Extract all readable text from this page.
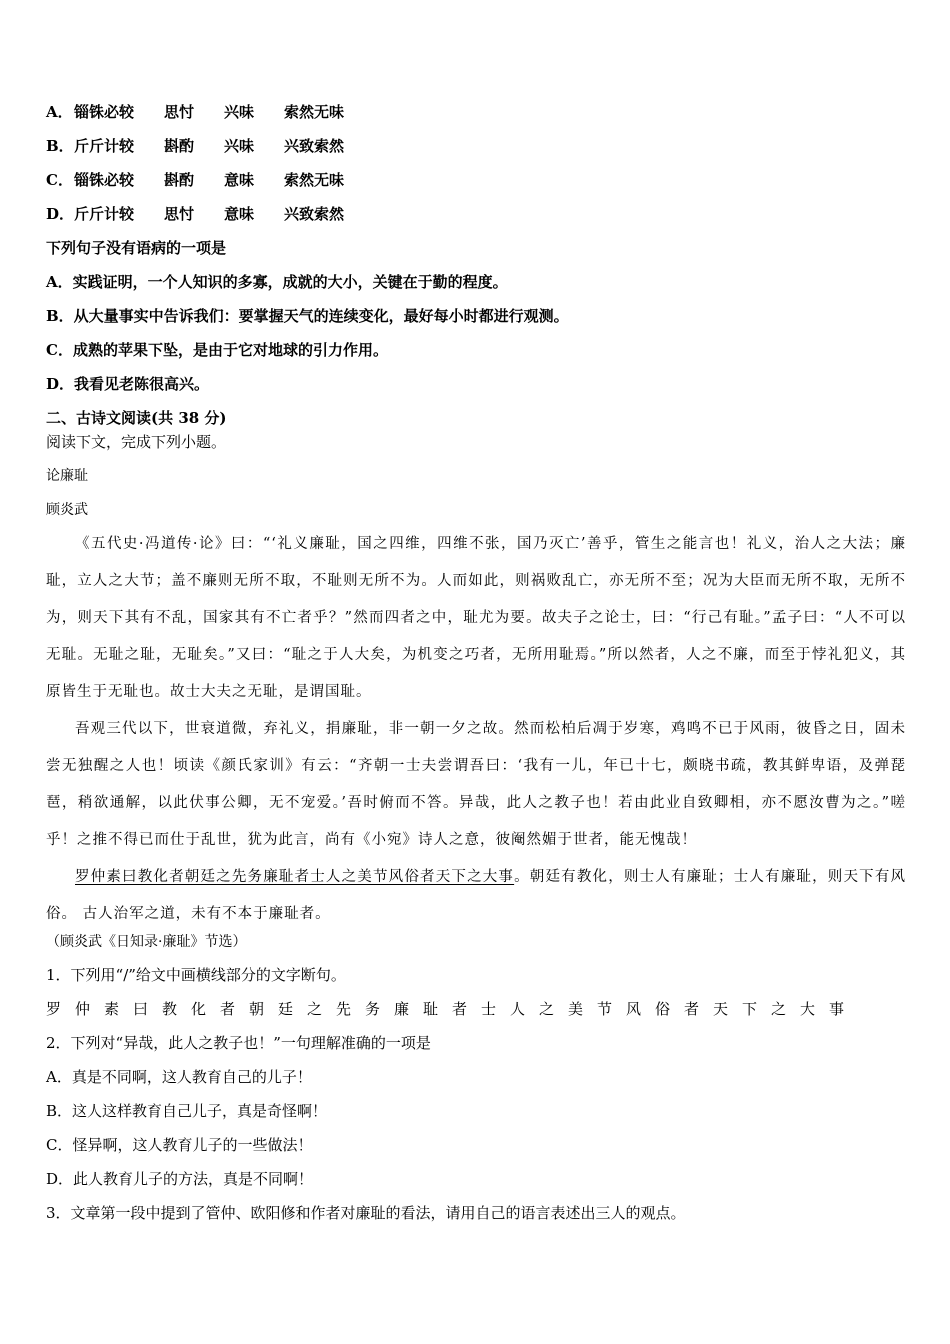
A．锱铢必较 思忖 兴味 索然无味
B．斤斤计较 斟酌 兴味 兴致索然
C．锱铢必较 斟酌 意味 索然无味
D．斤斤计较 思忖 意味 兴致索然
下列句子没有语病的一项是
A．实践证明，一个人知识的多寡，成就的大小，关键在于勤的程度。
B．从大量事实中告诉我们：要掌握天气的连续变化，最好每小时都进行观测。
C．成熟的苹果下坠，是由于它对地球的引力作用。
D．我看见老陈很高兴。
二、古诗文阅读(共 38 分)
阅读下文，完成下列小题。
论廉耻
顾炎武

《五代史·冯道传·论》曰：“‘礼义廉耻，国之四维，四维不张，国乃灭亡’善乎，管生之能言也！礼义，治人之大法；廉耻，立人之大节；盖不廉则无所不取，不耻则无所不为。人而如此，则祸败乱亡，亦无所不至；况为大臣而无所不取，无所不为，则天下其有不乱，国家其有不亡者乎？”然而四者之中，耻尤为要。故夫子之论士，曰：“行己有耻。”孟子曰：“人不可以无耻。无耻之耻，无耻矣。”又曰：“耻之于人大矣，为机变之巧者，无所用耻焉。”所以然者，人之不廉，而至于悖礼犯义，其原皆生于无耻也。故士大夫之无耻，是谓国耻。

吾观三代以下，世衰道微，弃礼义，捐廉耻，非一朝一夕之故。然而松柏后凋于岁寒，鸡鸣不已于风雨，彼昏之日，固未尝无独醒之人也！顷读《颜氏家训》有云：“齐朝一士夫尝谓吾曰：‘我有一儿，年已十七，颇晓书疏，教其鲜卑语，及弹琵琶，稍欲通解，以此伏事公卿，无不宠爱。’吾时俯而不答。异哉，此人之教子也！若由此业自致卿相，亦不愿汝曹为之。”嗟乎！之推不得已而仕于乱世，犹为此言，尚有《小宛》诗人之意，彼阉然媚于世者，能无愧哉！

罗仲素曰教化者朝廷之先务廉耻者士人之美节风俗者天下之大事。朝廷有教化，则士人有廉耻；士人有廉耻，则天下有风俗。 古人治军之道，未有不本于廉耻者。

（顾炎武《日知录·廉耻》节选）
1．下列用“/”给文中画横线部分的文字断句。
罗仲素曰教化者朝廷之先务廉耻者士人之美节风俗者天下之大事
2．下列对“异哉，此人之教子也！”一句理解准确的一项是
A．真是不同啊，这人教育自己的儿子！
B．这人这样教育自己儿子，真是奇怪啊！
C．怪异啊，这人教育儿子的一些做法！
D．此人教育儿子的方法，真是不同啊！
3．文章第一段中提到了管仲、欧阳修和作者对廉耻的看法，请用自己的语言表述出三人的观点。
